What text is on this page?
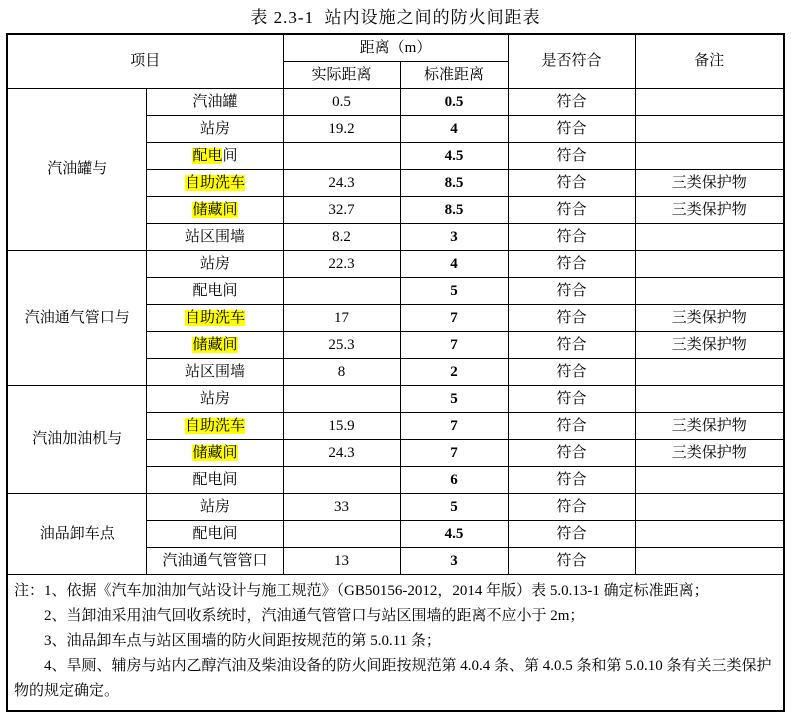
表 2.3-1  站内设施之间的防火间距表
项目		距离（m）		是否符合	备注
		实际距离	标准距离		
汽油罐与	汽油罐	0.5	0.5	符合	
	站房	19.2	4	符合	
	配电间		4.5	符合	
	自助洗车	24.3	8.5	符合	三类保护物
	储藏间	32.7	8.5	符合	三类保护物
	站区围墙	8.2	3	符合	
汽油通气管口与	站房	22.3	4	符合	
	配电间		5	符合	
	自助洗车	17	7	符合	三类保护物
	储藏间	25.3	7	符合	三类保护物
	站区围墙	8	2	符合	
汽油加油机与	站房		5	符合	
	自助洗车	15.9	7	符合	三类保护物
	储藏间	24.3	7	符合	三类保护物
	配电间		6	符合	
油品卸车点	站房	33	5	符合	
	配电间		4.5	符合	
	汽油通气管管口	13	3	符合	

注：1、依据《汽车加油加气站设计与施工规范》（GB50156-2012，2014 年版）表 5.0.13-1 确定标准距离；

2、当卸油采用油气回收系统时，汽油通气管管口与站区围墙的距离不应小于 2m；

3、油品卸车点与站区围墙的防火间距按规范的第 5.0.11 条；

4、旱厕、辅房与站内乙醇汽油及柴油设备的防火间距按规范第 4.0.4 条、第 4.0.5 条和第 5.0.10 条有关三类保护物的规定确定。					
